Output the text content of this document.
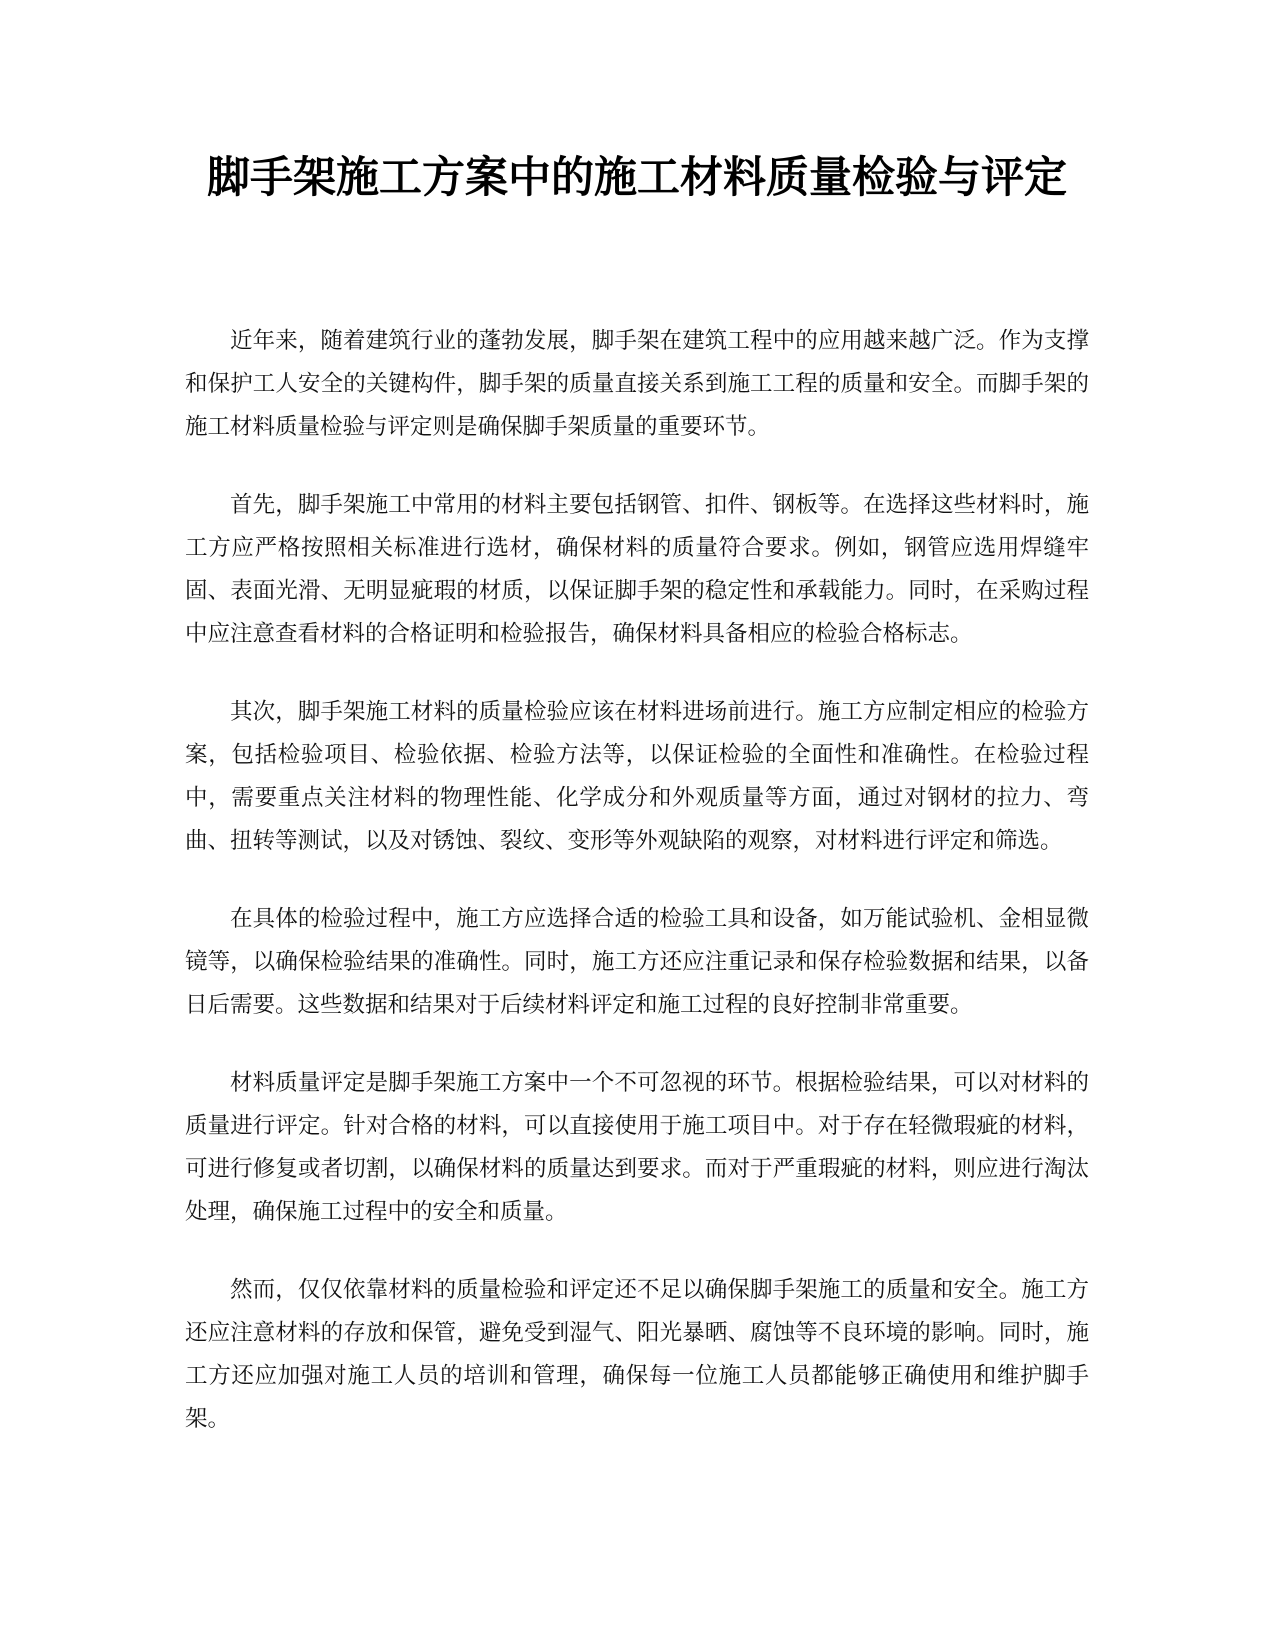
脚手架施工方案中的施工材料质量检验与评定

近年来，随着建筑行业的蓬勃发展，脚手架在建筑工程中的应用越来越广泛。作为支撑和保护工人安全的关键构件，脚手架的质量直接关系到施工工程的质量和安全。而脚手架的施工材料质量检验与评定则是确保脚手架质量的重要环节。

首先，脚手架施工中常用的材料主要包括钢管、扣件、钢板等。在选择这些材料时，施工方应严格按照相关标准进行选材，确保材料的质量符合要求。例如，钢管应选用焊缝牢固、表面光滑、无明显疵瑕的材质，以保证脚手架的稳定性和承载能力。同时，在采购过程中应注意查看材料的合格证明和检验报告，确保材料具备相应的检验合格标志。

其次，脚手架施工材料的质量检验应该在材料进场前进行。施工方应制定相应的检验方案，包括检验项目、检验依据、检验方法等，以保证检验的全面性和准确性。在检验过程中，需要重点关注材料的物理性能、化学成分和外观质量等方面，通过对钢材的拉力、弯曲、扭转等测试，以及对锈蚀、裂纹、变形等外观缺陷的观察，对材料进行评定和筛选。

在具体的检验过程中，施工方应选择合适的检验工具和设备，如万能试验机、金相显微镜等，以确保检验结果的准确性。同时，施工方还应注重记录和保存检验数据和结果，以备日后需要。这些数据和结果对于后续材料评定和施工过程的良好控制非常重要。

材料质量评定是脚手架施工方案中一个不可忽视的环节。根据检验结果，可以对材料的质量进行评定。针对合格的材料，可以直接使用于施工项目中。对于存在轻微瑕疵的材料，可进行修复或者切割，以确保材料的质量达到要求。而对于严重瑕疵的材料，则应进行淘汰处理，确保施工过程中的安全和质量。

然而，仅仅依靠材料的质量检验和评定还不足以确保脚手架施工的质量和安全。施工方还应注意材料的存放和保管，避免受到湿气、阳光暴晒、腐蚀等不良环境的影响。同时，施工方还应加强对施工人员的培训和管理，确保每一位施工人员都能够正确使用和维护脚手架。
